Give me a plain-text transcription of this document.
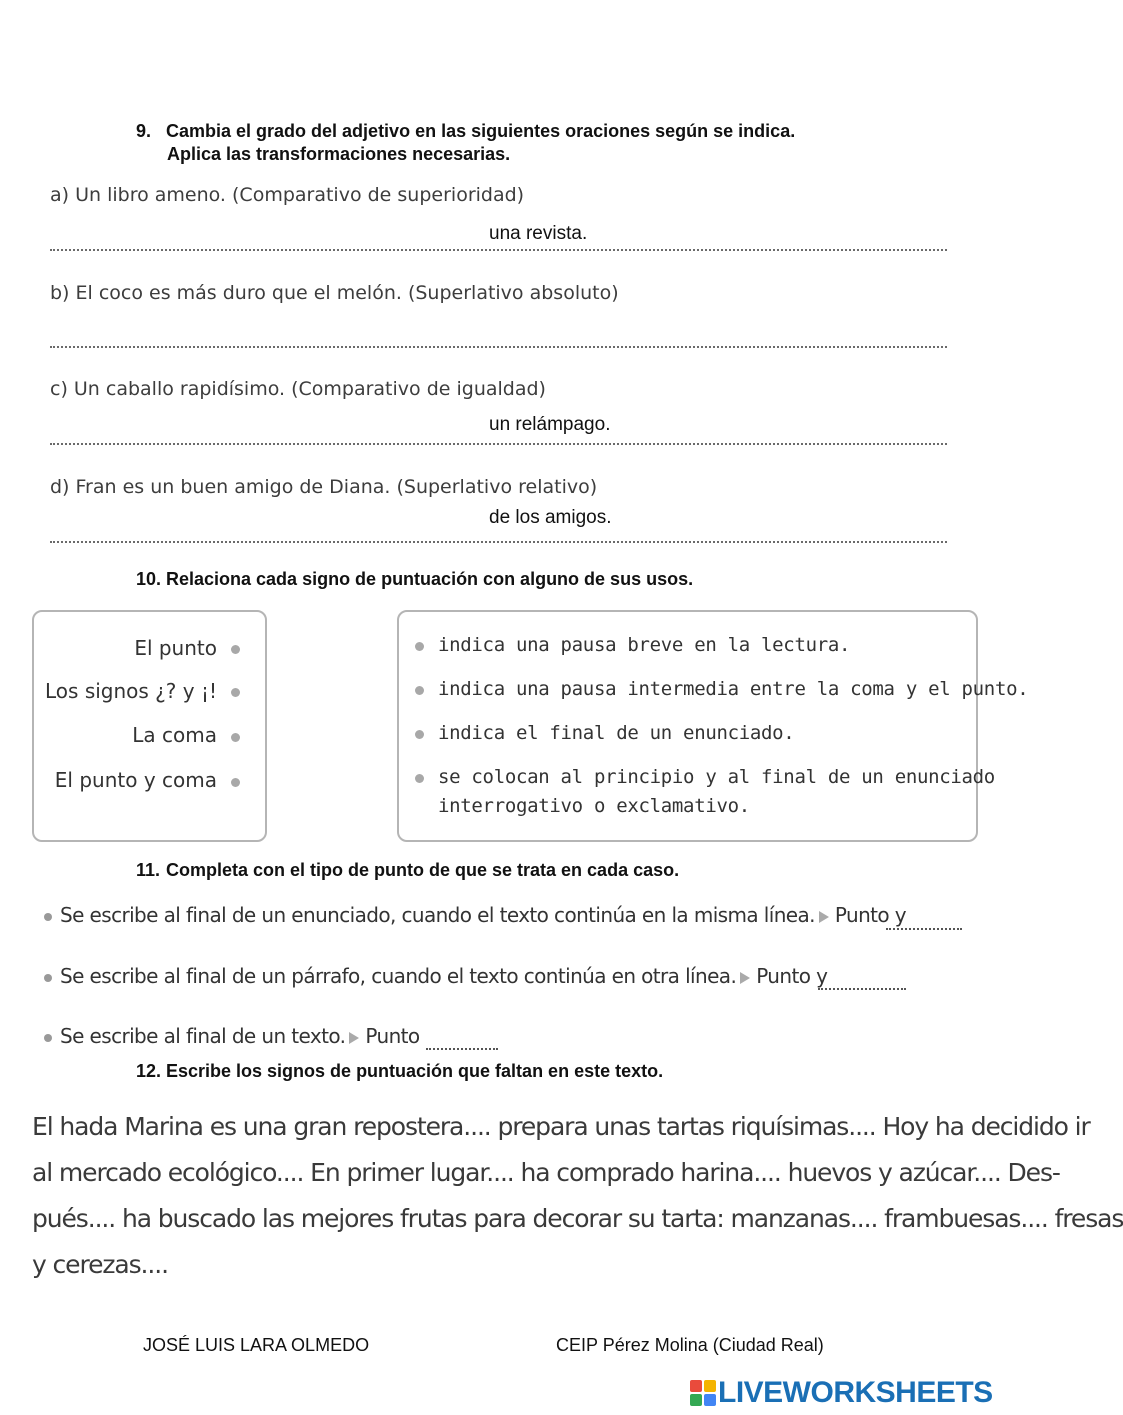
9. Cambia el grado del adjetivo en las siguientes oraciones según se indica.
Aplica las transformaciones necesarias.
a) Un libro ameno. (Comparativo de superioridad)
una revista.
b) El coco es más duro que el melón. (Superlativo absoluto)
c) Un caballo rapidísimo. (Comparativo de igualdad)
un relámpago.
d) Fran es un buen amigo de Diana. (Superlativo relativo)
de los amigos.
10. Relaciona cada signo de puntuación con alguno de sus usos.
El punto
Los signos ¿? y ¡!
La coma
El punto y coma
indica una pausa breve en la lectura.
indica una pausa intermedia entre la coma y el punto.
indica el final de un enunciado.
se colocan al principio y al final de un enunciado
interrogativo o exclamativo.
11. Completa con el tipo de punto de que se trata en cada caso.
Se escribe al final de un enunciado, cuando el texto continúa en la misma línea. Punto y
Se escribe al final de un párrafo, cuando el texto continúa en otra línea. Punto y
Se escribe al final de un texto. Punto
12. Escribe los signos de puntuación que faltan en este texto.
El hada Marina es una gran repostera.... prepara unas tartas riquísimas.... Hoy ha decidido ir
al mercado ecológico.... En primer lugar.... ha comprado harina.... huevos y azúcar.... Des-
pués.... ha buscado las mejores frutas para decorar su tarta: manzanas.... frambuesas.... fresas
y cerezas....
JOSÉ LUIS LARA OLMEDO	CEIP Pérez Molina (Ciudad Real)
LIVEWORKSHEETS
